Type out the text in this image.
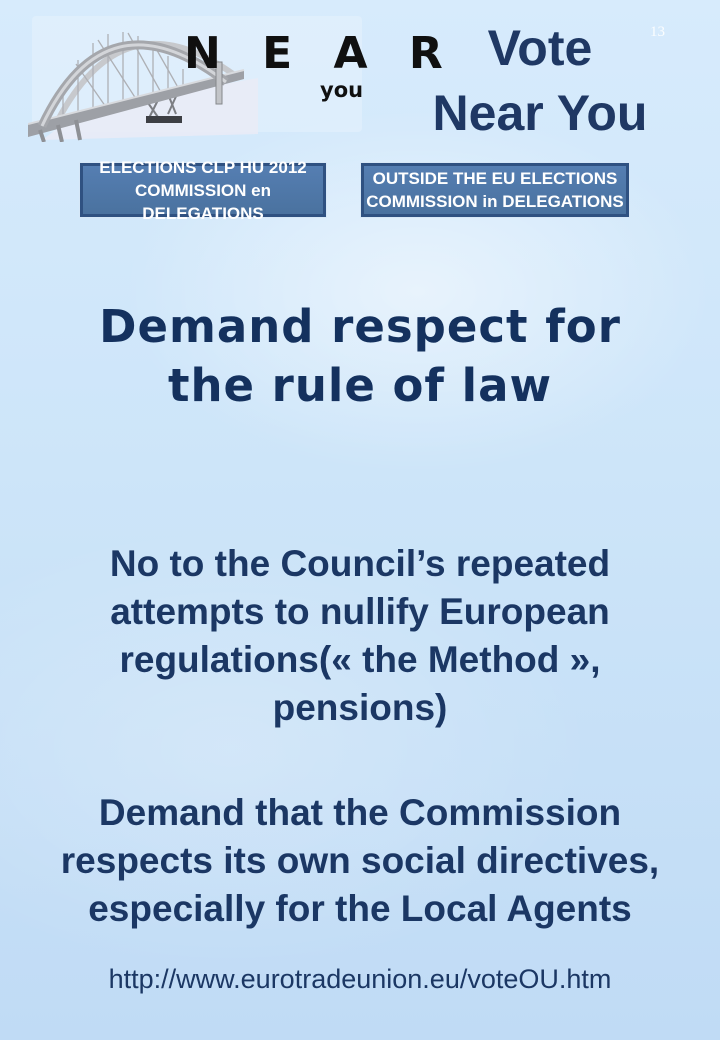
13
N E A R
you
Vote
Near You
ELECTIONS CLP HU 2012
COMMISSION en DELEGATIONS
OUTSIDE THE EU ELECTIONS
COMMISSION in DELEGATIONS
Demand respect for
the rule of law
No to the Council’s repeated
attempts to nullify European
regulations(« the Method »,
pensions)
Demand that the Commission
respects its own social directives,
especially for the Local Agents
http://www.eurotradeunion.eu/voteOU.htm
